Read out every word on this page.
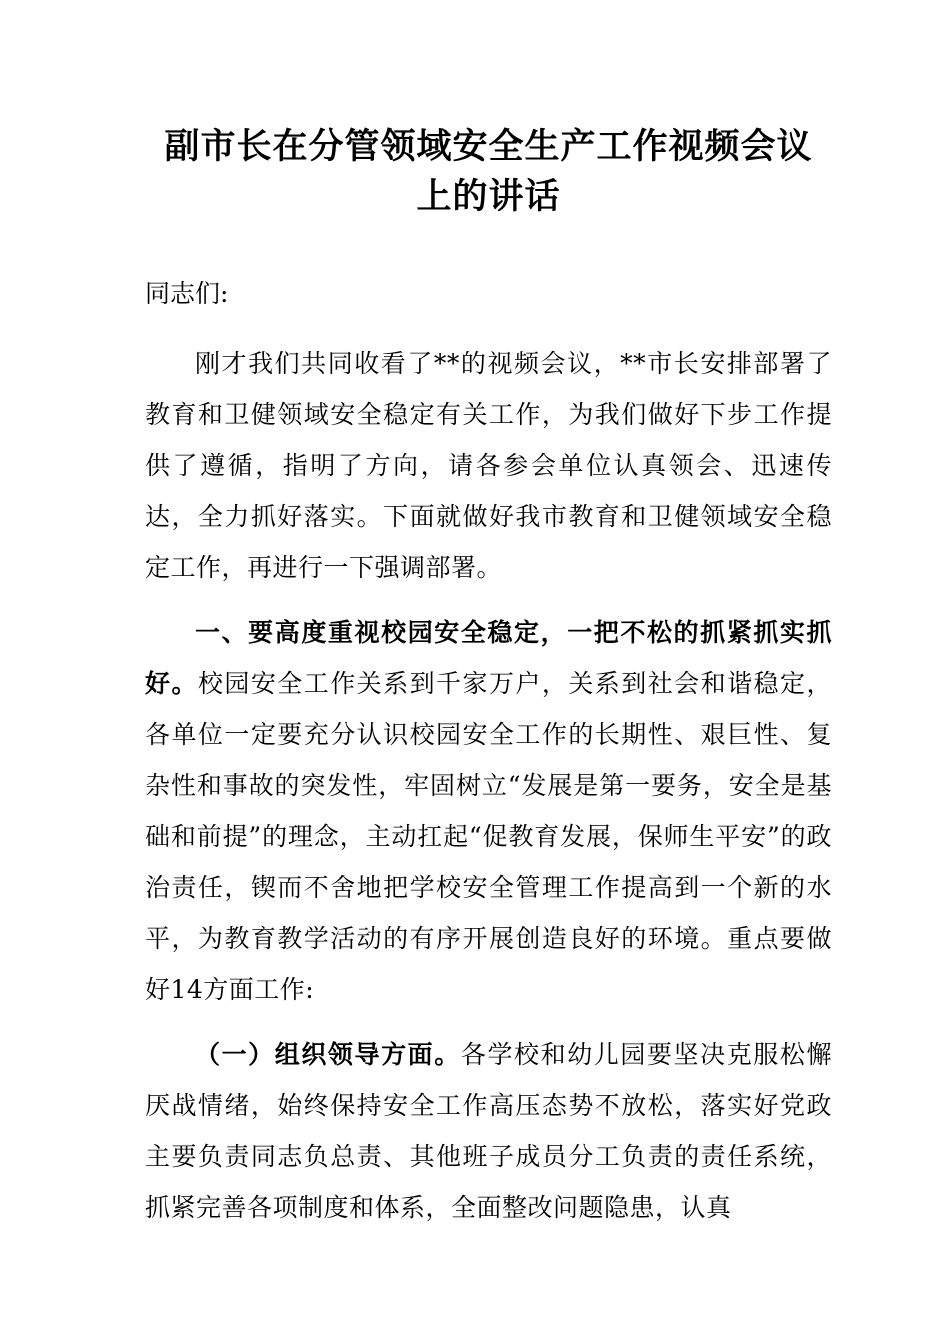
副市长在分管领域安全生产工作视频会议
上的讲话

同志们:

刚才我们共同收看了**的视频会议，**市长安排部署了教育和卫健领域安全稳定有关工作，为我们做好下步工作提供了遵循，指明了方向，请各参会单位认真领会、迅速传达，全力抓好落实。下面就做好我市教育和卫健领域安全稳定工作，再进行一下强调部署。

一、要高度重视校园安全稳定，一把不松的抓紧抓实抓好。校园安全工作关系到千家万户，关系到社会和谐稳定，各单位一定要充分认识校园安全工作的长期性、艰巨性、复杂性和事故的突发性，牢固树立“发展是第一要务，安全是基础和前提”的理念，主动扛起“促教育发展，保师生平安”的政治责任，锲而不舍地把学校安全管理工作提高到一个新的水平，为教育教学活动的有序开展创造良好的环境。重点要做好14方面工作:

（一）组织领导方面。各学校和幼儿园要坚决克服松懈厌战情绪，始终保持安全工作高压态势不放松，落实好党政主要负责同志负总责、其他班子成员分工负责的责任系统，抓紧完善各项制度和体系，全面整改问题隐患，认真
